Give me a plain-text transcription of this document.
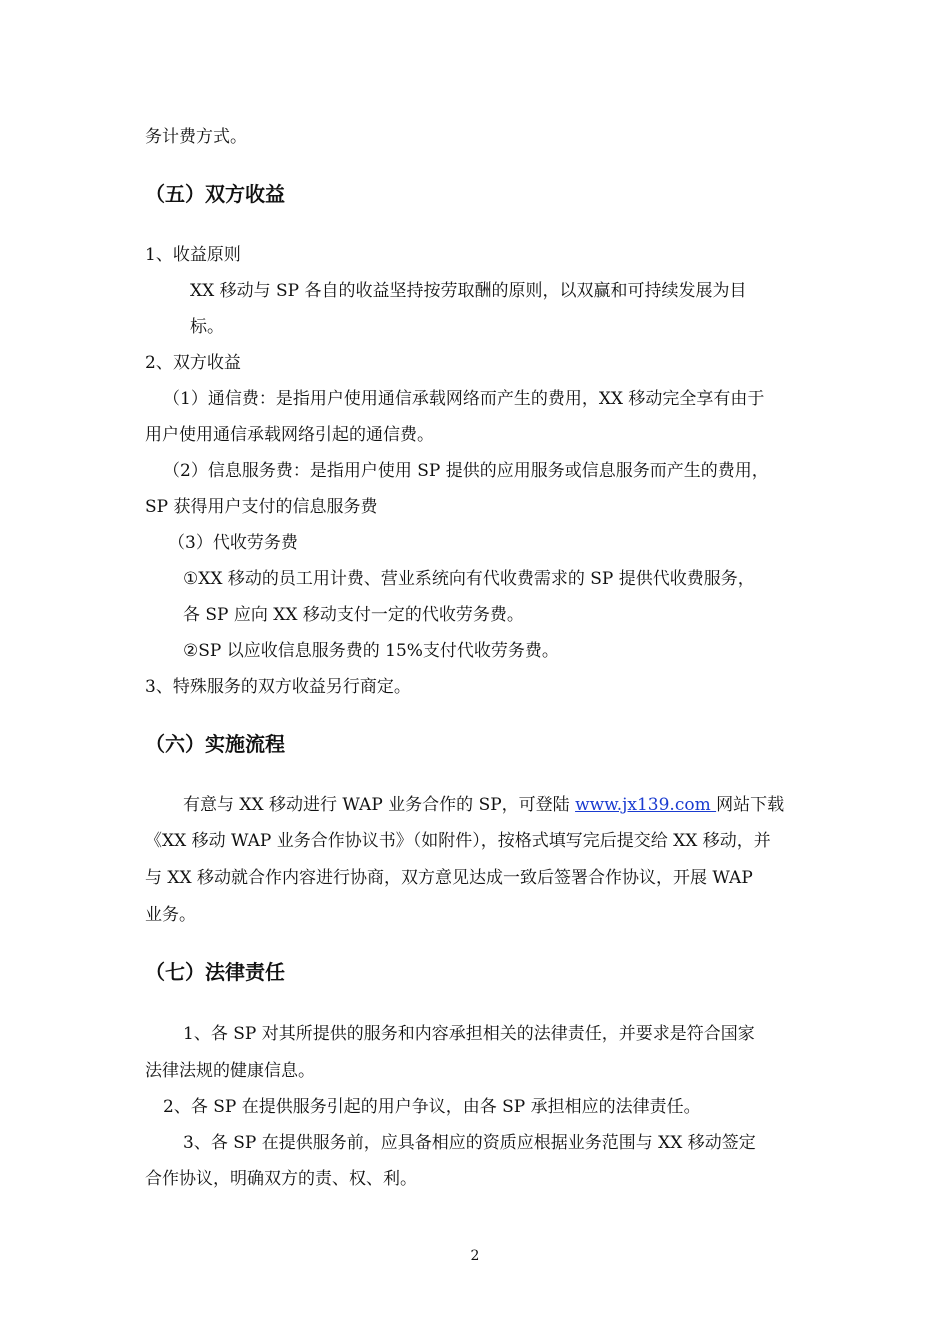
务计费方式。
（五）双方收益
1、收益原则
XX 移动与 SP 各自的收益坚持按劳取酬的原则，以双赢和可持续发展为目
标。
2、双方收益
（1）通信费：是指用户使用通信承载网络而产生的费用，XX 移动完全享有由于
用户使用通信承载网络引起的通信费。
（2）信息服务费：是指用户使用 SP 提供的应用服务或信息服务而产生的费用，
SP 获得用户支付的信息服务费
（3）代收劳务费
①XX 移动的员工用计费、营业系统向有代收费需求的 SP 提供代收费服务，
各 SP 应向 XX 移动支付一定的代收劳务费。
②SP 以应收信息服务费的 15%支付代收劳务费。
3、特殊服务的双方收益另行商定。
（六）实施流程
有意与 XX 移动进行 WAP 业务合作的 SP，可登陆 www.jx139.com 网站下载
《XX 移动 WAP 业务合作协议书》（如附件），按格式填写完后提交给 XX 移动，并
与 XX 移动就合作内容进行协商，双方意见达成一致后签署合作协议，开展 WAP
业务。
（七）法律责任
1、各 SP 对其所提供的服务和内容承担相关的法律责任，并要求是符合国家
法律法规的健康信息。
2、各 SP 在提供服务引起的用户争议，由各 SP 承担相应的法律责任。
3、各 SP 在提供服务前，应具备相应的资质应根据业务范围与 XX 移动签定
合作协议，明确双方的责、权、利。
2
